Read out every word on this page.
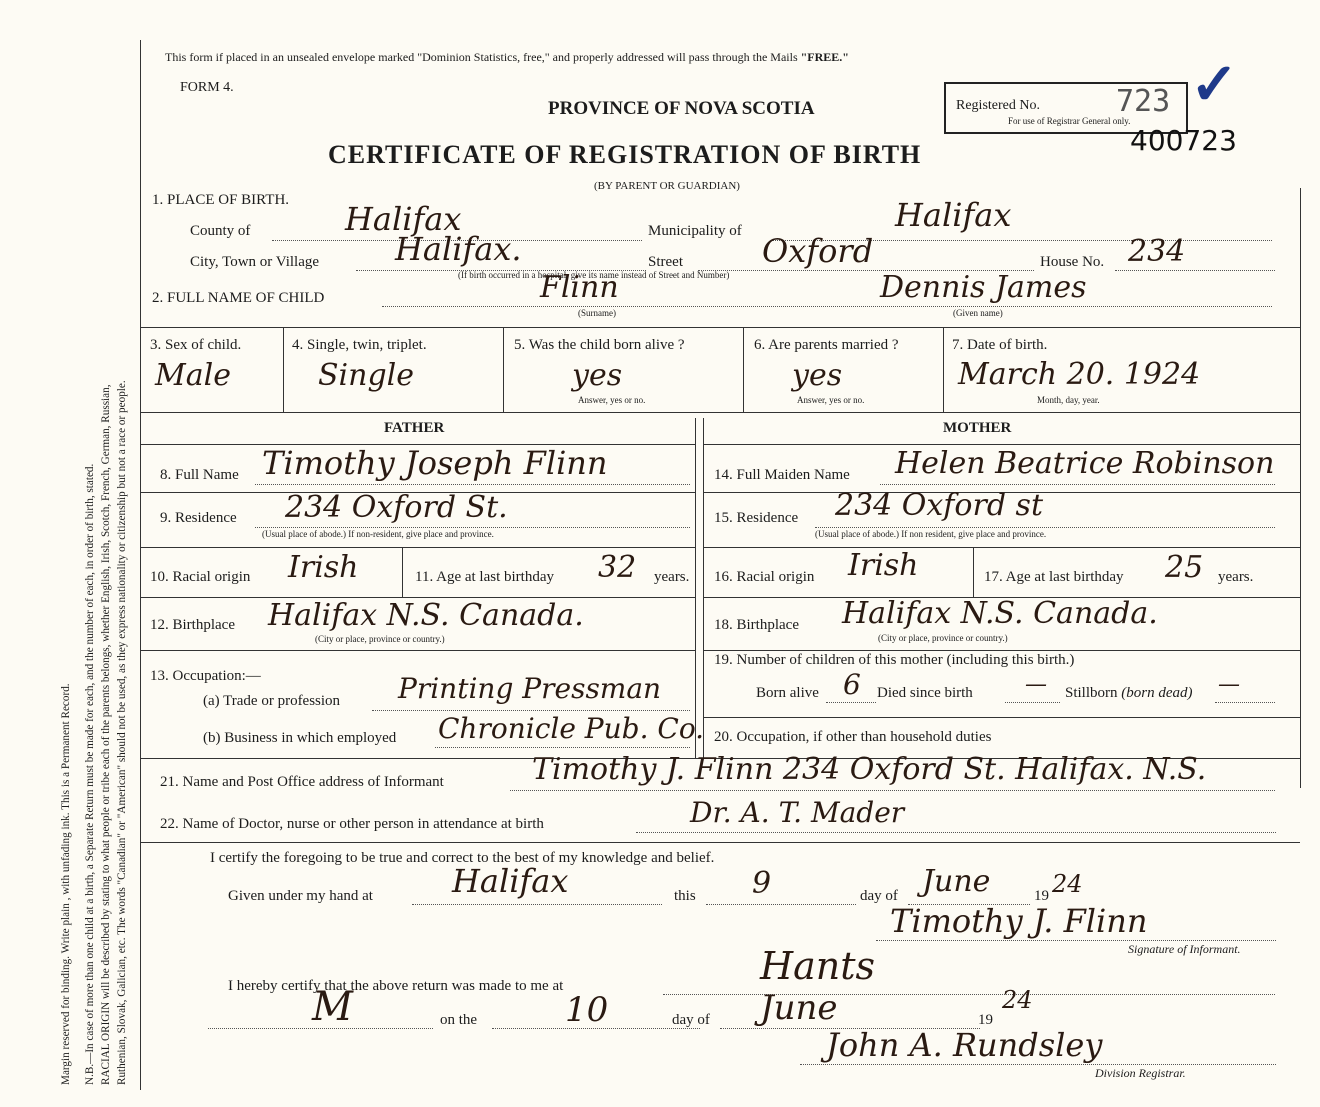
Margin reserved for binding. Write plain , with unfading ink. This is a Permanent Record. N.B.—In case of more than one child at a birth, a Separate Return must be made for each, and the number of each, in order of birth, stated. RACIAL ORIGIN will be described by stating to what people or tribe each of the parents belongs, whether English, Irish, Scotch, French, German, Russian, Ruthenian, Slovak, Galician, etc. The words "Canadian" or "American" should not be used, as they express nationality or citizenship but not a race or people.
This form if placed in an unsealed envelope marked "Dominion Statistics, free," and properly addressed will pass through the Mails "FREE."
FORM 4.
PROVINCE OF NOVA SCOTIA
CERTIFICATE OF REGISTRATION OF BIRTH
(BY PARENT OR GUARDIAN)
Registered No.
For use of Registrar General only.
723
400723
✓
1. PLACE OF BIRTH.
County of	Halifax	Municipality of	Halifax
City, Town or Village Halifax.	Street Oxford
(If birth occurred in a hospital, give its name instead of Street and Number)
House No. 234
2. FULL NAME OF CHILD	Flinn
(Surname)
Dennis James
(Given name)
3. Sex of child.
Male
4. Single, twin, triplet.
Single
5. Was the child born alive ?
yes
Answer, yes or no.
6. Are parents married ?
yes
Answer, yes or no.
7. Date of birth.
March 20. 1924
Month, day, year.
FATHER	MOTHER
8. Full Name Timothy Joseph Flinn
9. Residence 234 Oxford St.
(Usual place of abode.) If non-resident, give place and province.
10. Racial origin Irish	11. Age at last birthday 32 years.
12. Birthplace Halifax N.S. Canada.
(City or place, province or country.)
13. Occupation:—
(a) Trade or profession Printing Pressman
(b) Business in which employed Chronicle Pub. Co.
14. Full Maiden Name Helen Beatrice Robinson
15. Residence 234 Oxford st
(Usual place of abode.) If non resident, give place and province.
16. Racial origin Irish	17. Age at last birthday 25 years.
18. Birthplace Halifax N.S. Canada.
(City or place, province or country.)
19. Number of children of this mother (including this birth.)
Born alive 6 Died since birth — Stillborn (born dead) —
20. Occupation, if other than household duties
21. Name and Post Office address of Informant	Timothy J. Flinn 234 Oxford St. Halifax. N.S.
22. Name of Doctor, nurse or other person in attendance at birth	Dr. A. T. Mader
I certify the foregoing to be true and correct to the best of my knowledge and belief.
Given under my hand at Halifax	this 9	day of June	19 24
Timothy J. Flinn
Signature of Informant.
I hereby certify that the above return was made to me at	Hants
M	on the	10	day of June	19
24
John A. Rundsley
Division Registrar.
